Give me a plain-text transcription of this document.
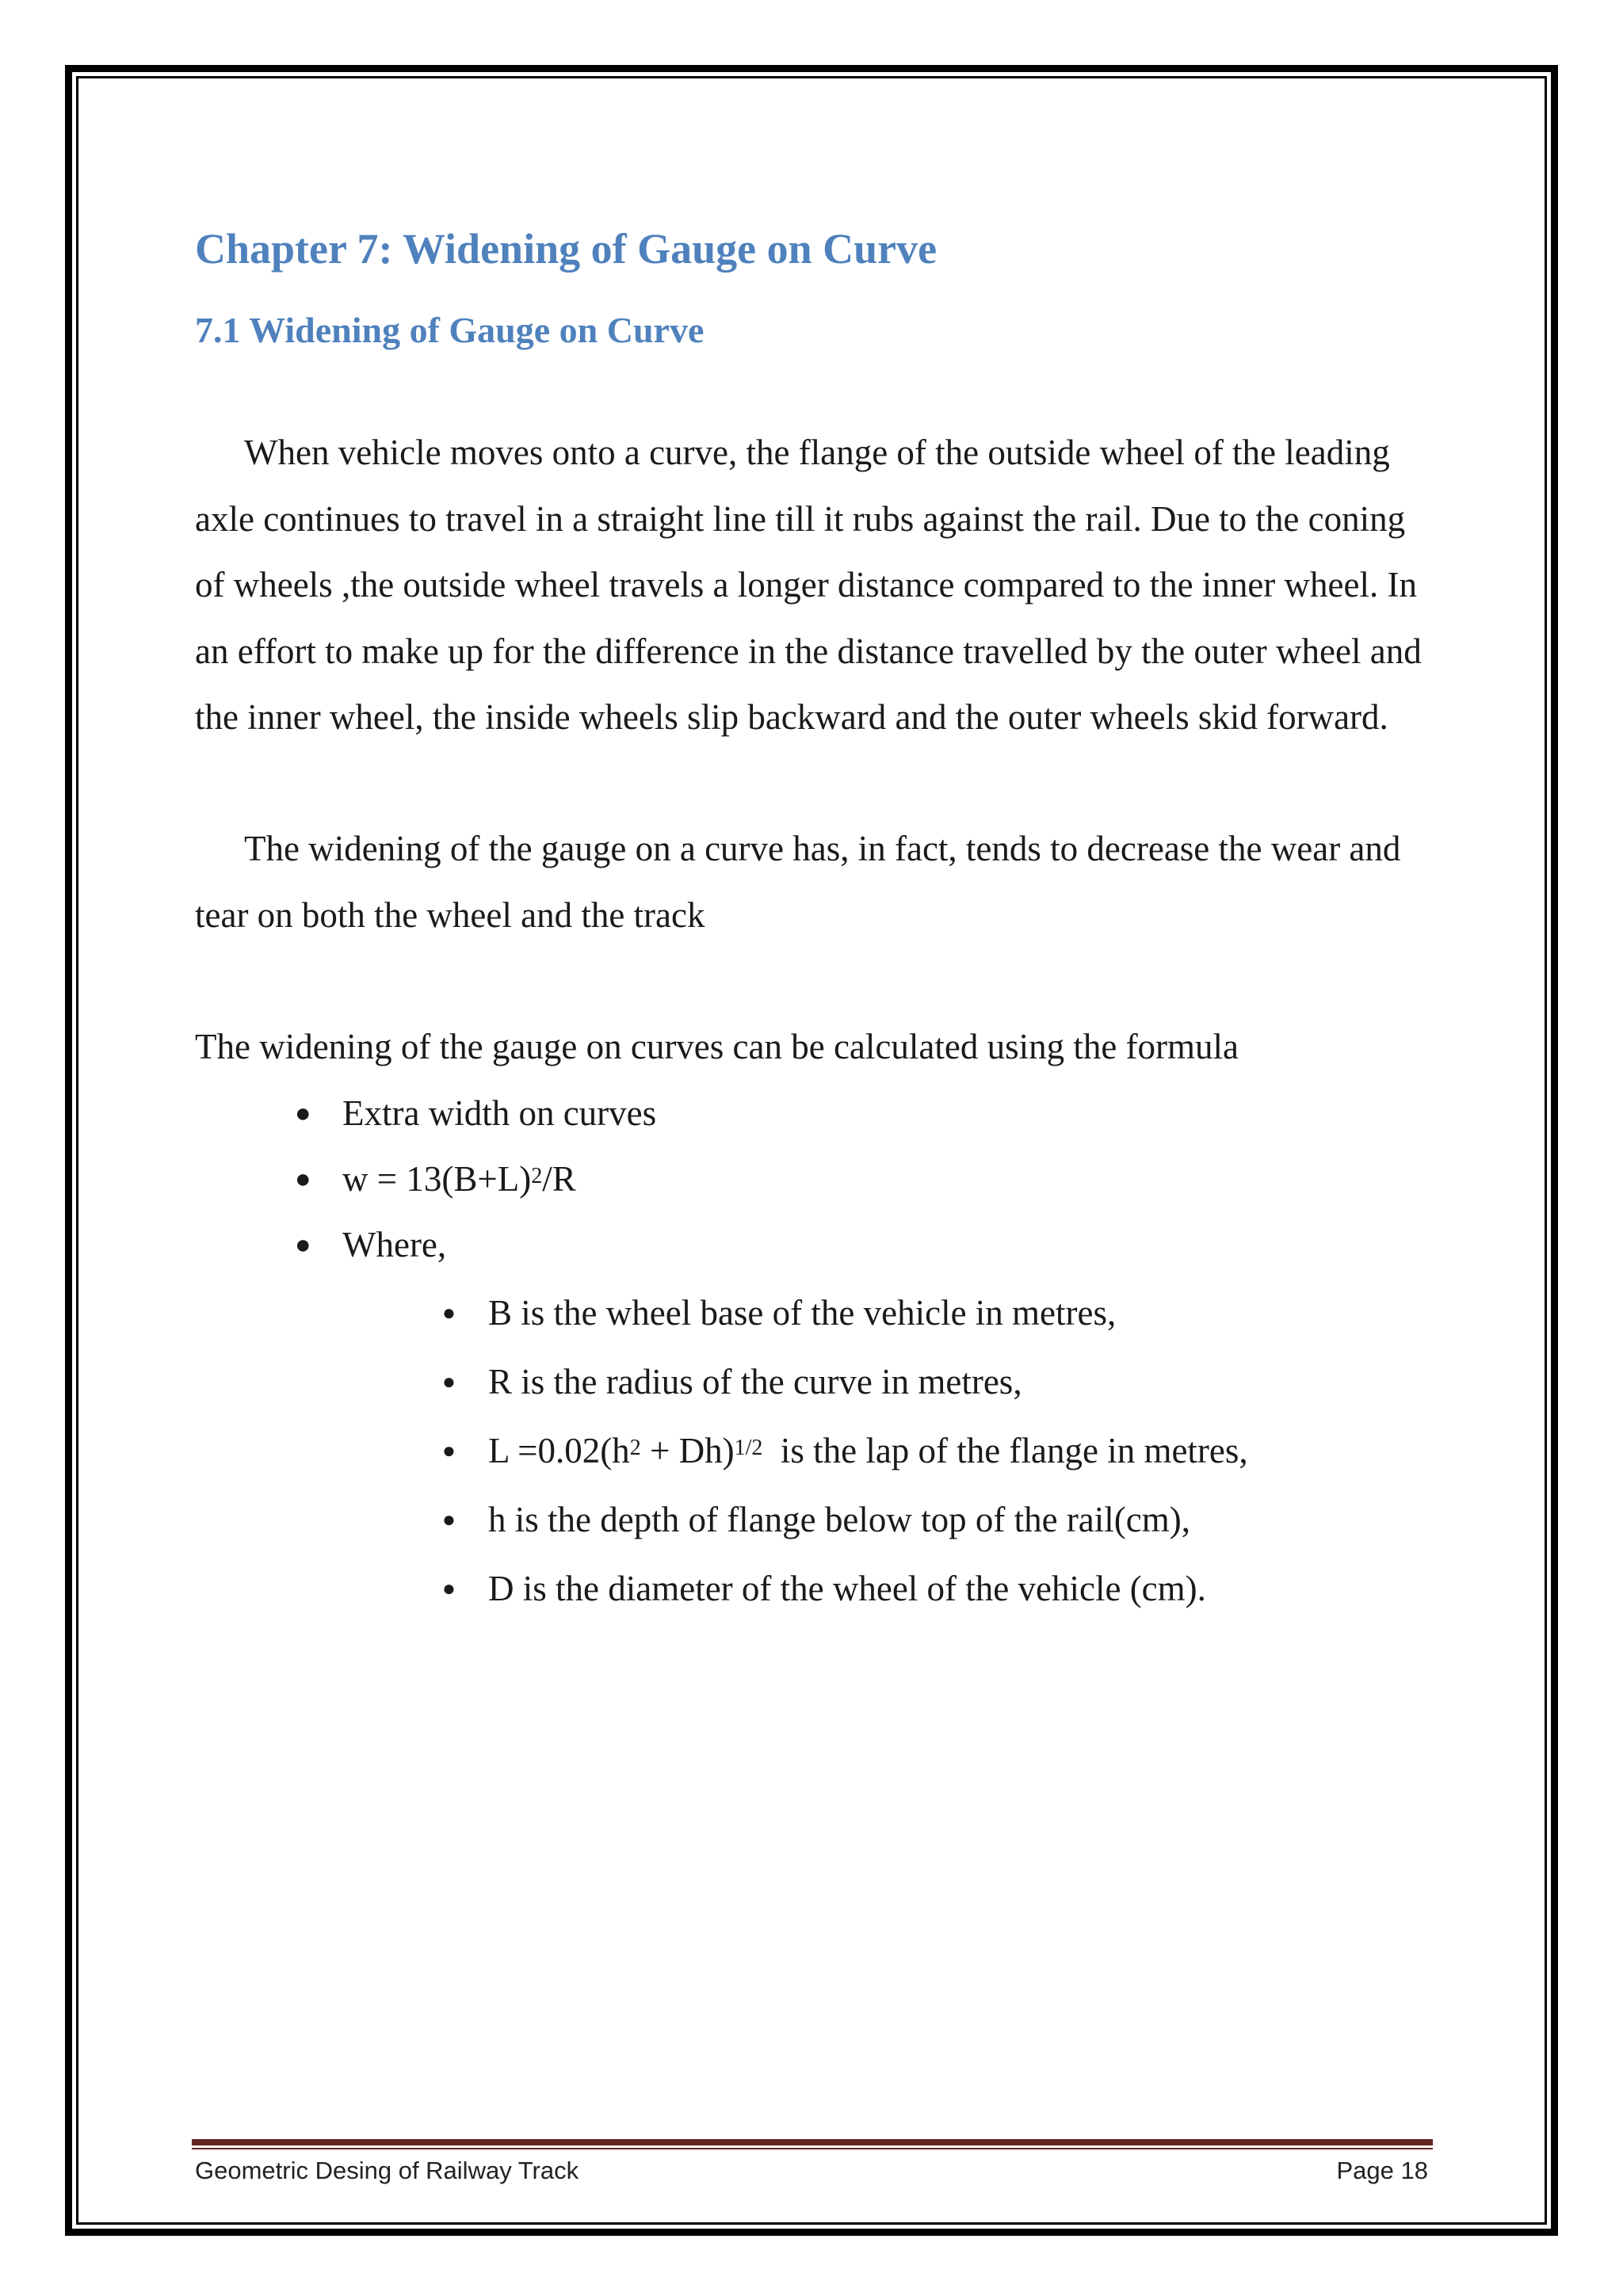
Chapter 7: Widening of Gauge on Curve
7.1 Widening of Gauge on Curve

When vehicle moves onto a curve, the flange of the outside wheel of the leading axle continues to travel in a straight line till it rubs against the rail. Due to the coning of wheels ,the outside wheel travels a longer distance compared to the inner wheel. In an effort to make up for the difference in the distance travelled by the outer wheel and the inner wheel, the inside wheels slip backward and the outer wheels skid forward.

The widening of the gauge on a curve has, in fact, tends to decrease the wear and tear on both the wheel and the track

The widening of the gauge on curves can be calculated using the formula

● Extra width on curves
● $w = 13(B+L)^2/R$
● Where,
● B is the wheel base of the vehicle in metres,
● R is the radius of the curve in metres,
● $L =0.02(h^2 + Dh)^{1/2}$  is the lap of the flange in metres,
● h is the depth of flange below top of the rail(cm),
● D is the diameter of the wheel of the vehicle (cm).
Geometric Desing of Railway Track	Page 18
